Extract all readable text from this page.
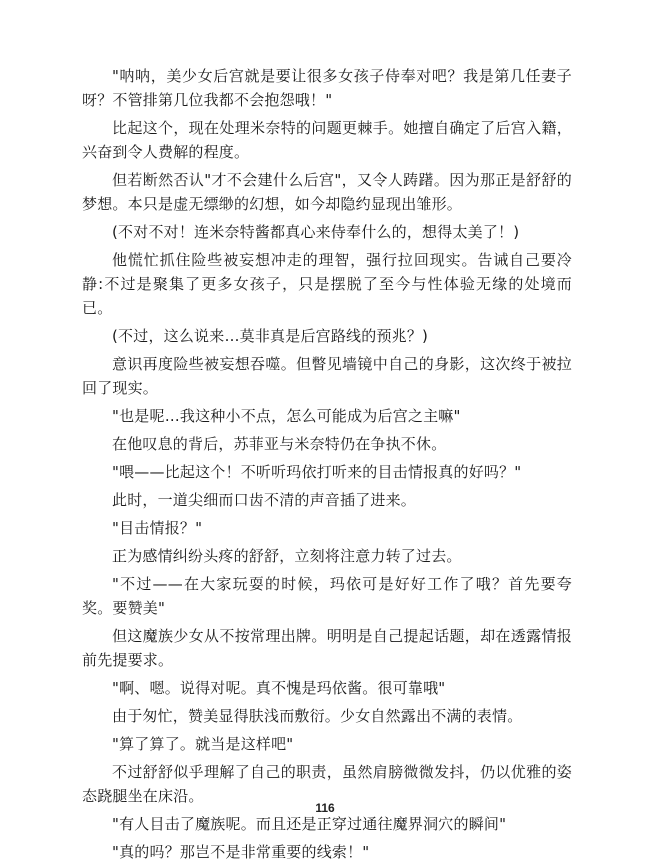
"呐呐，美少女后宫就是要让很多女孩子侍奉对吧？我是第几任妻子呀？不管排第几位我都不会抱怨哦！"

比起这个，现在处理米奈特的问题更棘手。她擅自确定了后宫入籍，兴奋到令人费解的程度。

但若断然否认"才不会建什么后宫"，又令人踌躇。因为那正是舒舒的梦想。本只是虚无缥缈的幻想，如今却隐约显现出雏形。

(不对不对！连米奈特酱都真心来侍奉什么的，想得太美了！)

他慌忙抓住险些被妄想冲走的理智，强行拉回现实。告诫自己要冷静:不过是聚集了更多女孩子，只是摆脱了至今与性体验无缘的处境而已。

(不过，这么说来…莫非真是后宫路线的预兆？)

意识再度险些被妄想吞噬。但瞥见墙镜中自己的身影，这次终于被拉回了现实。

"也是呢…我这种小不点，怎么可能成为后宫之主嘛"

在他叹息的背后，苏菲亚与米奈特仍在争执不休。

"喂——比起这个！不听听玛依打听来的目击情报真的好吗？"

此时，一道尖细而口齿不清的声音插了进来。

"目击情报？"

正为感情纠纷头疼的舒舒，立刻将注意力转了过去。

"不过——在大家玩耍的时候，玛依可是好好工作了哦？首先要夸奖。要赞美"

但这魔族少女从不按常理出牌。明明是自己提起话题，却在透露情报前先提要求。

"啊、嗯。说得对呢。真不愧是玛依酱。很可靠哦"

由于匆忙，赞美显得肤浅而敷衍。少女自然露出不满的表情。

"算了算了。就当是这样吧"

不过舒舒似乎理解了自己的职责，虽然肩膀微微发抖，仍以优雅的姿态跷腿坐在床沿。

"有人目击了魔族呢。而且还是正穿过通往魔界洞穴的瞬间"

"真的吗？那岂不是非常重要的线索！"

116
